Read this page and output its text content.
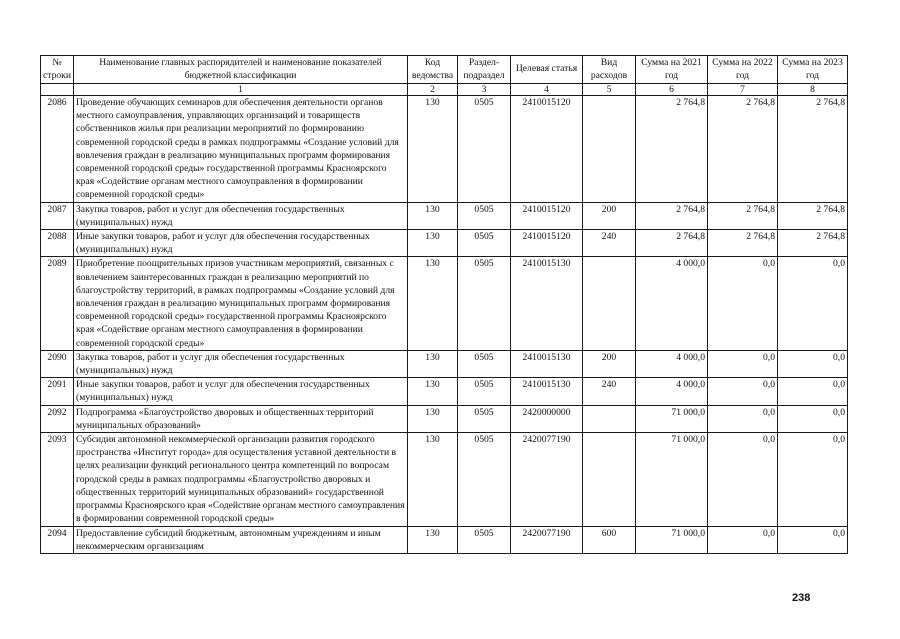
№ строки	Наименование главных распорядителей и наименование показателей бюджетной классификации	Код ведомства	Раздел-подраздел	Целевая статья	Вид расходов	Сумма на 2021 год	Сумма на 2022 год	Сумма на 2023 год
	1	2	3	4	5	6	7	8
2086	Проведение обучающих семинаров для обеспечения деятельности органов местного самоуправления, управляющих организаций и товариществ собственников жилья при реализации мероприятий по формированию современной городской среды в рамках подпрограммы «Создание условий для вовлечения граждан в реализацию муниципальных программ формирования современной городской среды» государственной программы Красноярского края «Содействие органам местного самоуправления в формировании современной городской среды»	130	0505	2410015120		2 764,8	2 764,8	2 764,8
2087	Закупка товаров, работ и услуг для обеспечения государственных (муниципальных) нужд	130	0505	2410015120	200	2 764,8	2 764,8	2 764,8
2088	Иные закупки товаров, работ и услуг для обеспечения государственных (муниципальных) нужд	130	0505	2410015120	240	2 764,8	2 764,8	2 764,8
2089	Приобретение поощрительных призов участникам мероприятий, связанных с вовлечением заинтересованных граждан в реализацию мероприятий по благоустройству территорий, в рамках подпрограммы «Создание условий для вовлечения граждан в реализацию муниципальных программ формирования современной городской среды» государственной программы Красноярского края «Содействие органам местного самоуправления в формировании современной городской среды»	130	0505	2410015130		4 000,0	0,0	0,0
2090	Закупка товаров, работ и услуг для обеспечения государственных (муниципальных) нужд	130	0505	2410015130	200	4 000,0	0,0	0,0
2091	Иные закупки товаров, работ и услуг для обеспечения государственных (муниципальных) нужд	130	0505	2410015130	240	4 000,0	0,0	0,0
2092	Подпрограмма «Благоустройство дворовых и общественных территорий муниципальных образований»	130	0505	2420000000		71 000,0	0,0	0,0
2093	Субсидия автономной некоммерческой организации развития городского пространства «Институт города» для осуществления уставной деятельности в целях реализации функций регионального центра компетенций по вопросам городской среды в рамках подпрограммы «Благоустройство дворовых и общественных территорий муниципальных образований» государственной программы Красноярского края «Содействие органам местного самоуправления в формировании современной городской среды»	130	0505	2420077190		71 000,0	0,0	0,0
2094	Предоставление субсидий бюджетным, автономным учреждениям и иным некоммерческим организациям	130	0505	2420077190	600	71 000,0	0,0	0,0
238
